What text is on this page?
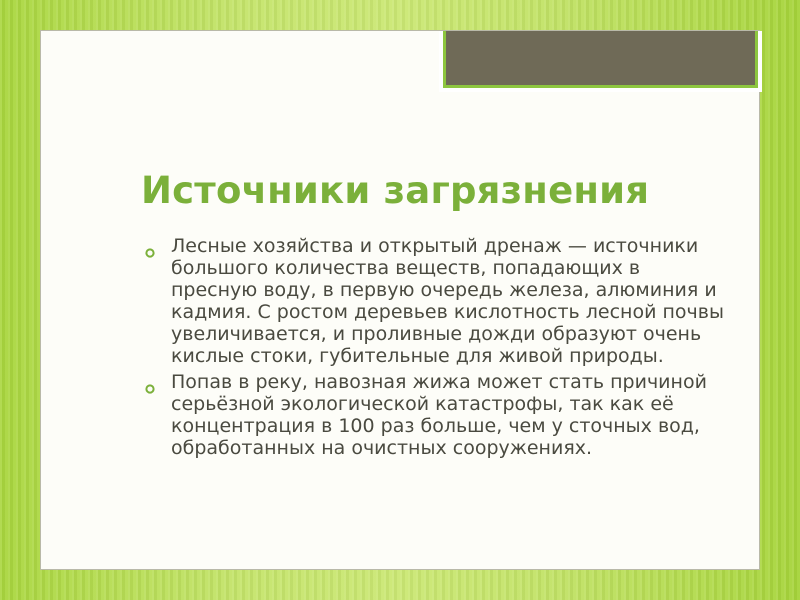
Источники загрязнения
Лесные хозяйства и открытый дренаж — источники большого количества веществ, попадающих в пресную воду, в первую очередь железа, алюминия и кадмия. С ростом деревьев кислотность лесной почвы увеличивается, и проливные дожди образуют очень кислые стоки, губительные для живой природы.
Попав в реку, навозная жижа может стать причиной серьёзной экологической катастрофы, так как её концентрация в 100 раз больше, чем у сточных вод, обработанных на очистных сооружениях.
